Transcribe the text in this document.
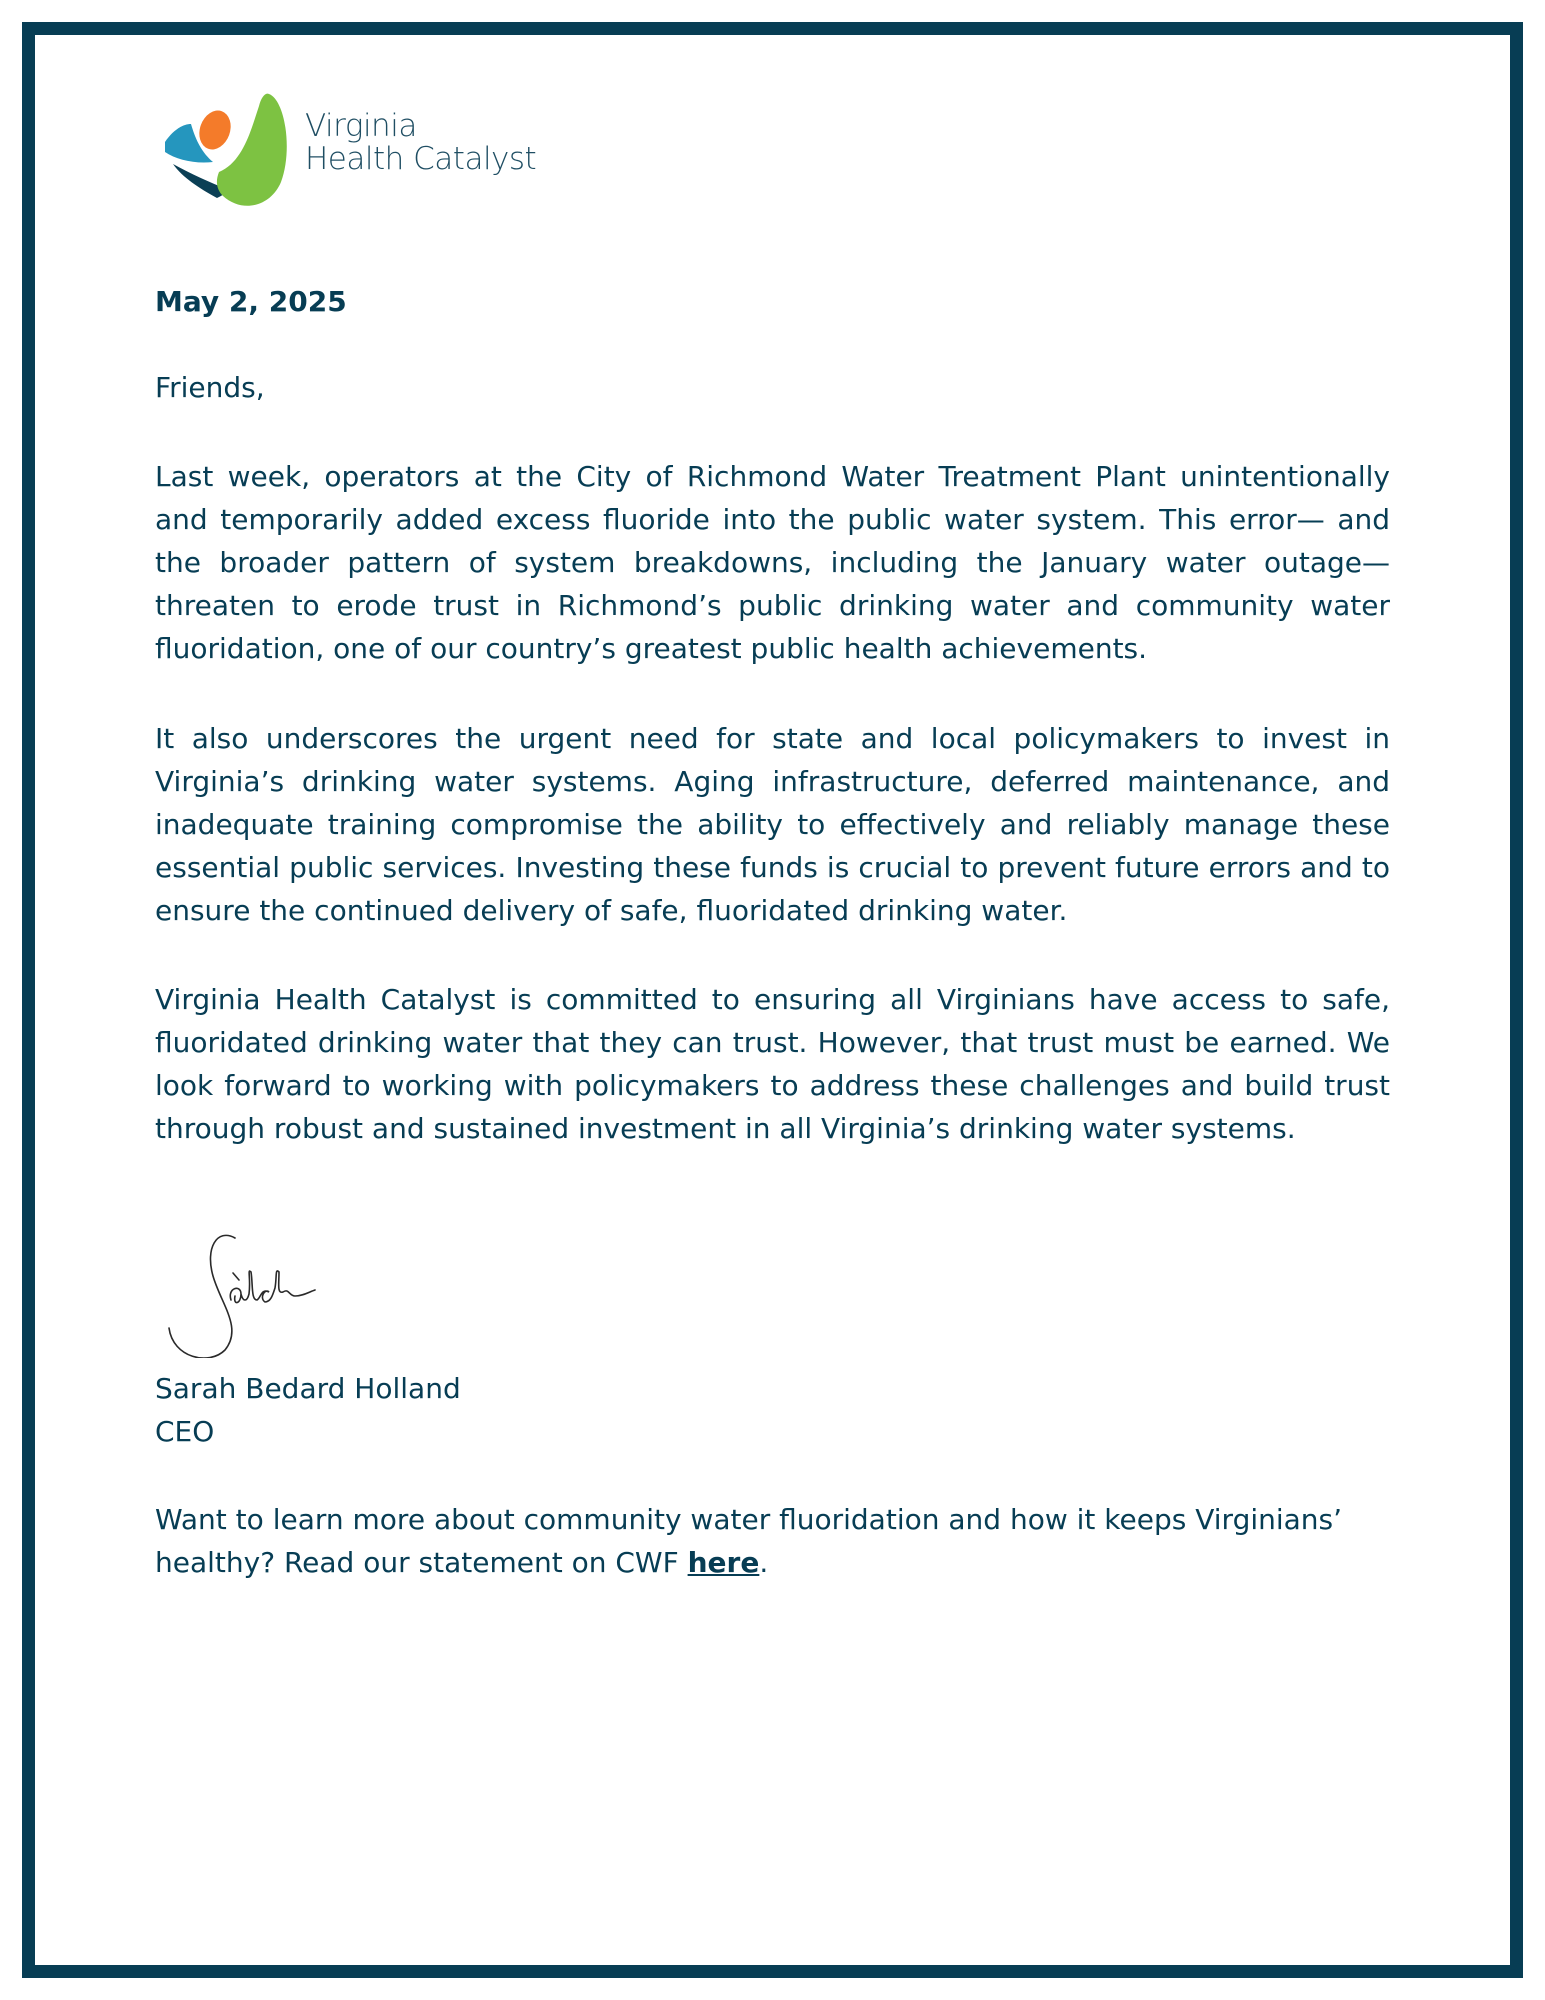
Virginia
Health Catalyst
May 2, 2025
Friends,

Last week, operators at the City of Richmond Water Treatment Plant unintentionally and temporarily added excess fluoride into the public water system. This error— and the broader pattern of system breakdowns, including the January water outage— threaten to erode trust in Richmond’s public drinking water and community water fluoridation, one of our country’s greatest public health achievements.

It also underscores the urgent need for state and local policymakers to invest in Virginia’s drinking water systems. Aging infrastructure, deferred maintenance, and inadequate training compromise the ability to effectively and reliably manage these essential public services. Investing these funds is crucial to prevent future errors and to ensure the continued delivery of safe, fluoridated drinking water.

Virginia Health Catalyst is committed to ensuring all Virginians have access to safe, fluoridated drinking water that they can trust. However, that trust must be earned. We look forward to working with policymakers to address these challenges and build trust through robust and sustained investment in all Virginia’s drinking water systems.

Sarah Bedard Holland
CEO
Want to learn more about community water fluoridation and how it keeps Virginians’ healthy? Read our statement on CWF here.
